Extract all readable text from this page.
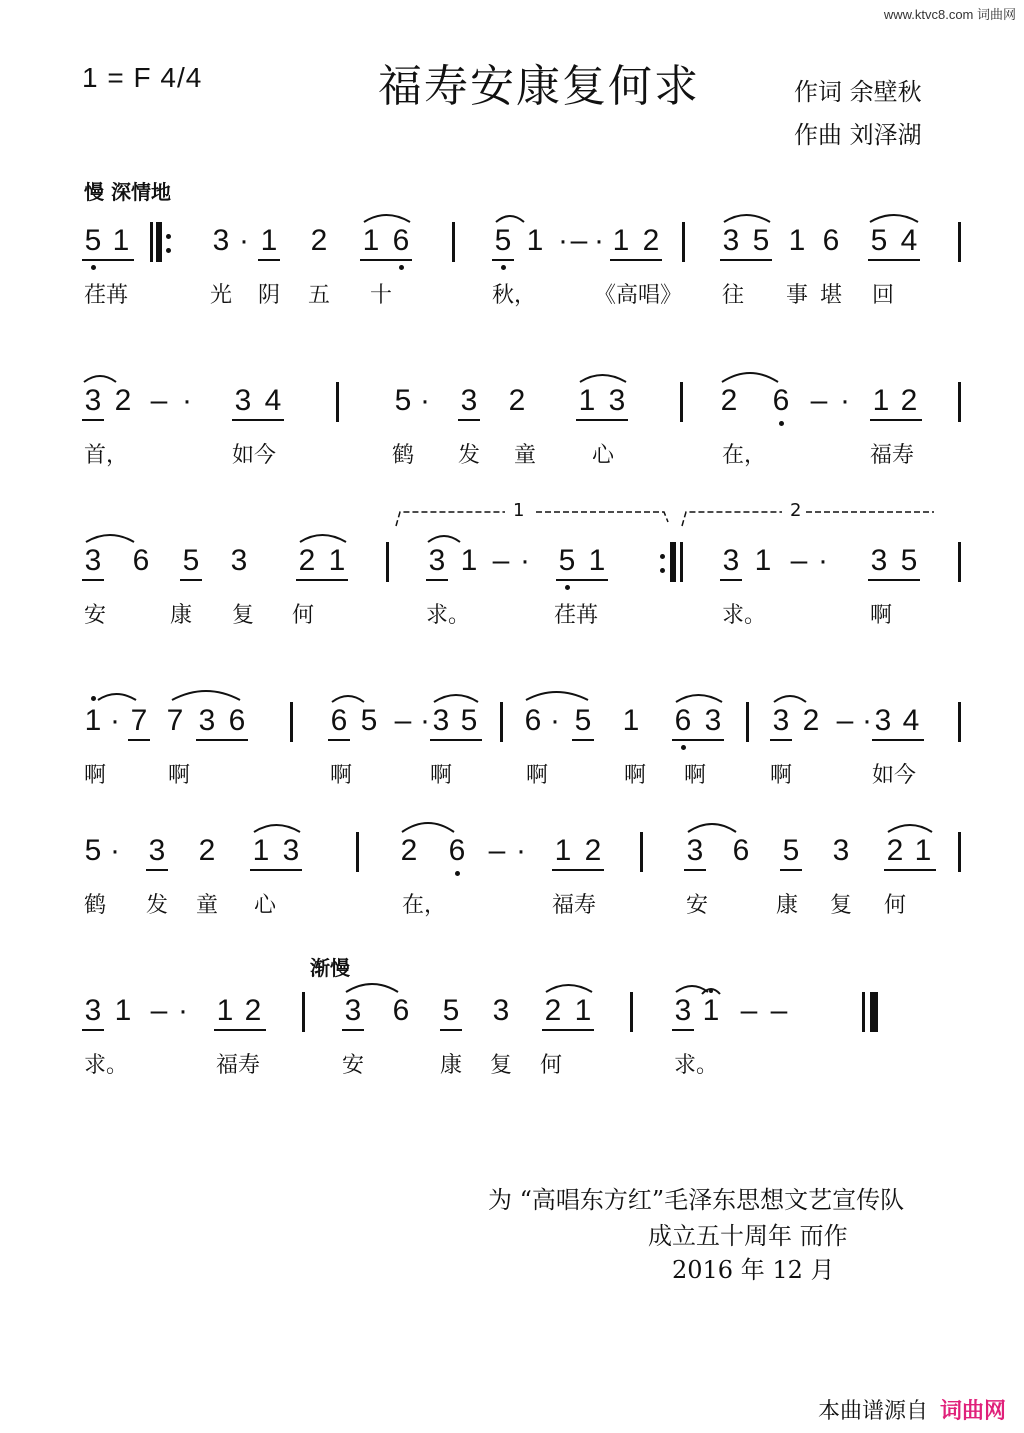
www.ktvc8.com 词曲网
1 = F 4/4	福寿安康复何求	作词 余壁秋
作曲 刘泽湖
慢 深情地
5 1	3 · 1 2 1 6	5 1 · – · 1 2 3 5 1 6 5 4
荏苒	光 阴 五 十	秋，	《高唱》 往 事 堪 回
3 2 – · 3 4	5 · 3 2 1 3	2 6 – · 1 2
首，	如今	鹤 发 童	心	在，	福寿
1	2
3 6 5 3 2 1	3 1 – · 5 1	3 1 – · 3 5
安	康 复 何	求。	荏苒	求。	啊
1 · 7 7 3 6	6 5 – · 3 5 6 · 5 1 6 3 3 2 – · 3 4
啊	啊	啊	啊	啊	啊 啊	啊	如今
5 · 3 2 1 3	2 6 – · 1 2	3 6 5 3 2 1
鹤 发 童 心	在，	福寿	安	康 复 何
渐慢
3 1 – · 1 2	3 6 5 3 2 1	3 1 – –
求。	福寿	安	康 复 何	求。
为 “高唱东方红”毛泽东思想文艺宣传队
成立五十周年 而作
2016 年 12 月
本曲谱源自 词曲网
